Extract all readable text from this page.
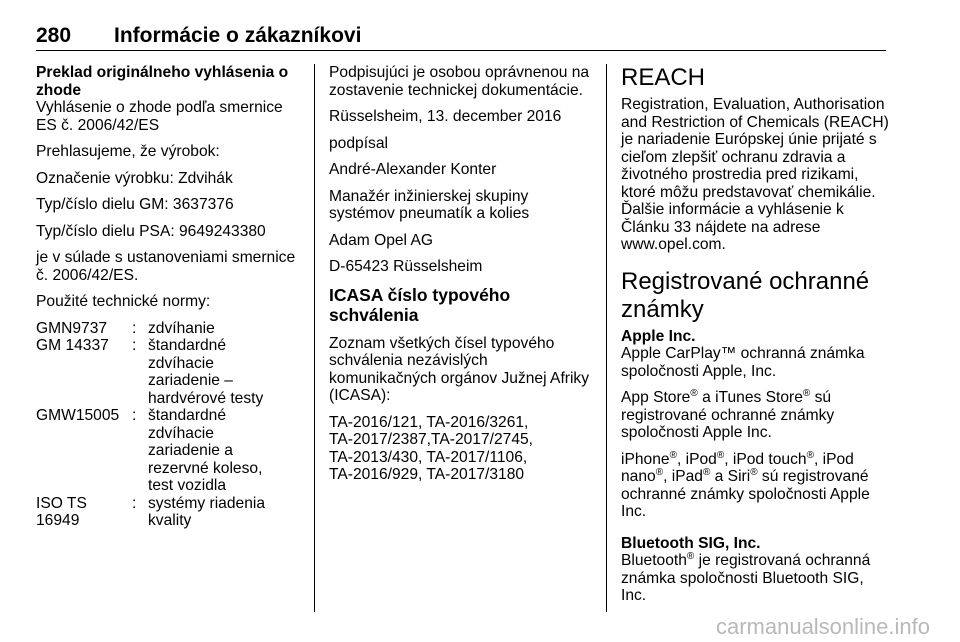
280 Informácie o zákazníkovi

Preklad originálneho vyhlásenia o zhode

Vyhlásenie o zhode podľa smernice ES č. 2006/42/ES

Prehlasujeme, že výrobok:

Označenie výrobku: Zdvihák

Typ/číslo dielu GM: 3637376

Typ/číslo dielu PSA: 9649243380

je v súlade s ustanoveniami smernice č. 2006/42/ES.

Použité technické normy:

GMN9737	:	zdvíhanie
GM 14337	:	štandardné zdvíhacie zariadenie – hardvérové testy
GMW15005	:	štandardné zdvíhacie zariadenie a rezervné koleso, test vozidla
ISO TS 16949	:	systémy riadenia kvality

Podpisujúci je osobou oprávnenou na zostavenie technickej dokumentácie.

Rüsselsheim, 13. december 2016

podpísal

André-Alexander Konter

Manažér inžinierskej skupiny systémov pneumatík a kolies

Adam Opel AG

D-65423 Rüsselsheim

ICASA číslo typového schválenia

Zoznam všetkých čísel typového schválenia nezávislých komunikačných orgánov Južnej Afriky (ICASA):

TA-2016/121, TA-2016/3261,
TA-2017/2387,TA-2017/2745,
TA-2013/430, TA-2017/1106,
TA-2016/929, TA-2017/3180

REACH

Registration, Evaluation, Authorisation and Restriction of Chemicals (REACH) je nariadenie Európskej únie prijaté s cieľom zlepšiť ochranu zdravia a životného prostredia pred rizikami, ktoré môžu predstavovať chemikálie. Ďalšie informácie a vyhlásenie k Článku 33 nájdete na adrese www.opel.com.

Registrované ochranné známky

Apple Inc.

Apple CarPlay™ ochranná známka spoločnosti Apple, Inc.

App Store® a iTunes Store® sú registrované ochranné známky spoločnosti Apple Inc.

iPhone®, iPod®, iPod touch®, iPod nano®, iPad® a Siri® sú registrované ochranné známky spoločnosti Apple Inc.

Bluetooth SIG, Inc.

Bluetooth® je registrovaná ochranná známka spoločnosti Bluetooth SIG, Inc.

carmanualsonline.info
